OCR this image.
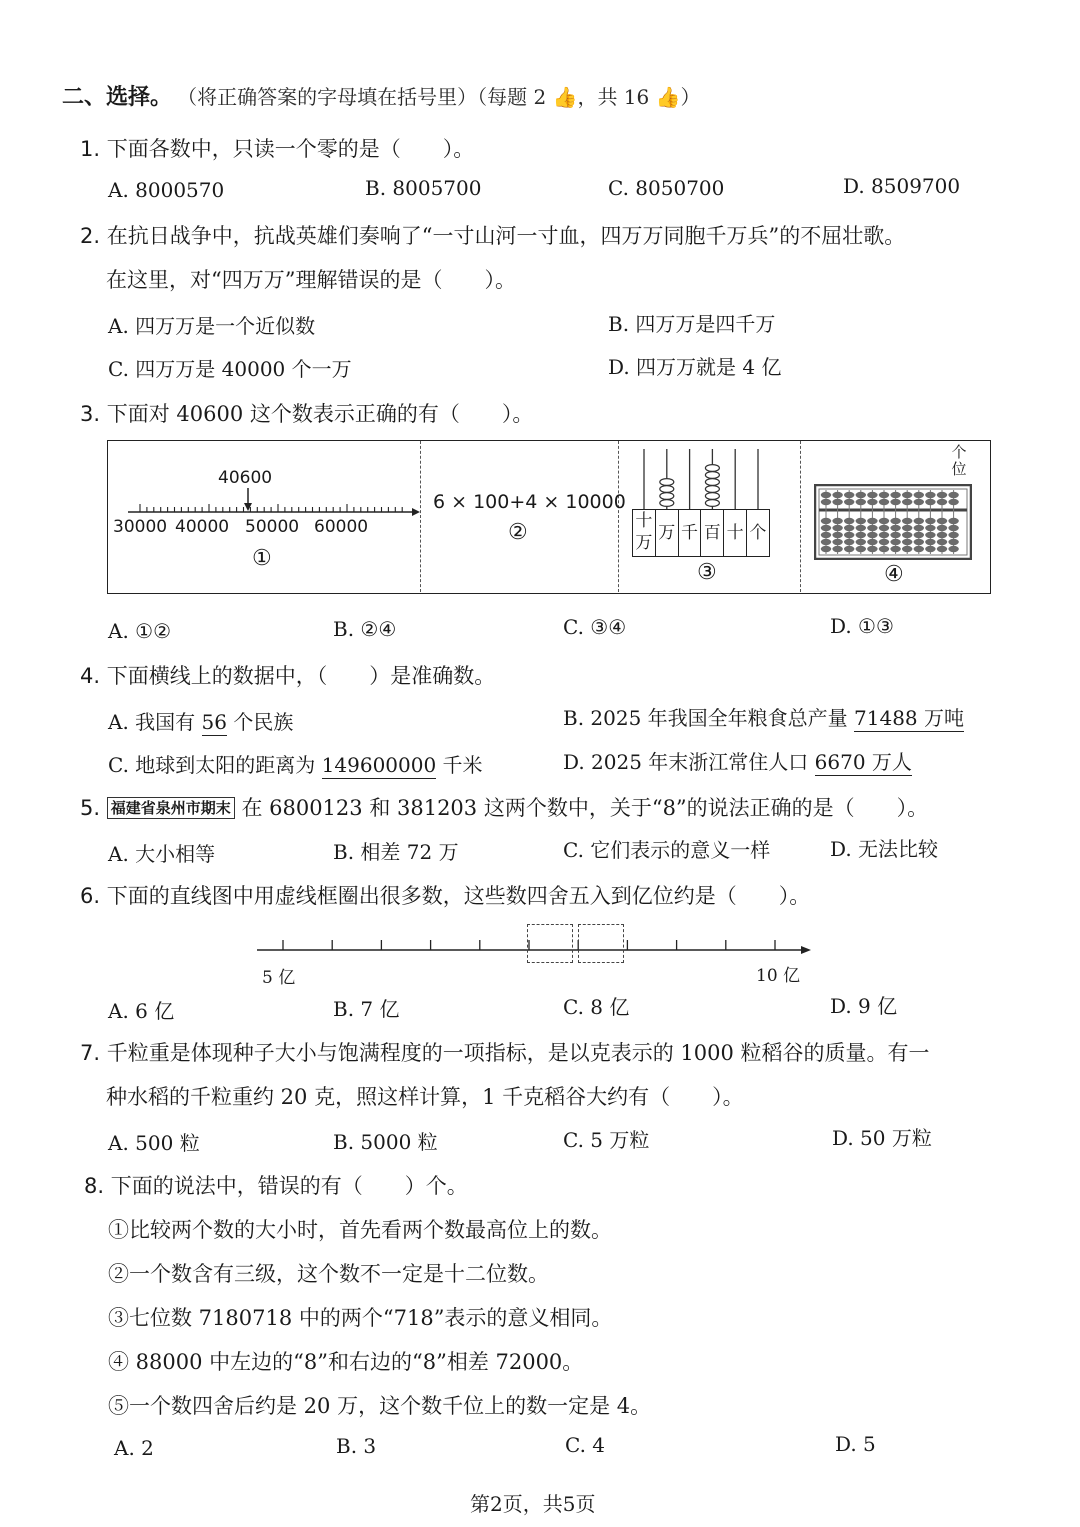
二、选择。 （将正确答案的字母填在括号里）（每题 2 👍，共 16 👍）
1. 下面各数中，只读一个零的是（　　）。
A. 8000570	B. 8005700	C. 8050700	D. 8509700
2. 在抗日战争中，抗战英雄们奏响了“一寸山河一寸血，四万万同胞千万兵”的不屈壮歌。
在这里，对“四万万”理解错误的是（　　）。
A. 四万万是一个近似数	B. 四万万是四千万
C. 四万万是 40000 个一万	D. 四万万就是 4 亿
3. 下面对 40600 这个数表示正确的有（　　）。
40600
30000 40000 50000 60000
①
6 × 100+4 × 10000
②	十万 万 千 百 十 个
③
个位
④
A. ①②	B. ②④	C. ③④	D. ①③
4. 下面横线上的数据中，（　　）是准确数。
A. 我国有 56 个民族	B. 2025 年我国全年粮食总产量 71488 万吨
C. 地球到太阳的距离为 149600000 千米	D. 2025 年末浙江常住人口 6670 万人
5. 福建省泉州市期末 在 6800123 和 381203 这两个数中，关于“8”的说法正确的是（　　）。
A. 大小相等	B. 相差 72 万	C. 它们表示的意义一样	D. 无法比较
6. 下面的直线图中用虚线框圈出很多数，这些数四舍五入到亿位约是（　　）。
5 亿	10 亿
A. 6 亿	B. 7 亿	C. 8 亿	D. 9 亿
7. 千粒重是体现种子大小与饱满程度的一项指标，是以克表示的 1000 粒稻谷的质量。有一
种水稻的千粒重约 20 克，照这样计算，1 千克稻谷大约有（　　）。
A. 500 粒	B. 5000 粒	C. 5 万粒	D. 50 万粒
8. 下面的说法中，错误的有（　　）个。
①比较两个数的大小时，首先看两个数最高位上的数。
②一个数含有三级，这个数不一定是十二位数。
③七位数 7180718 中的两个“718”表示的意义相同。
④ 88000 中左边的“8”和右边的“8”相差 72000。
⑤一个数四舍后约是 20 万，这个数千位上的数一定是 4。
A. 2	B. 3	C. 4	D. 5
第2页，共5页
